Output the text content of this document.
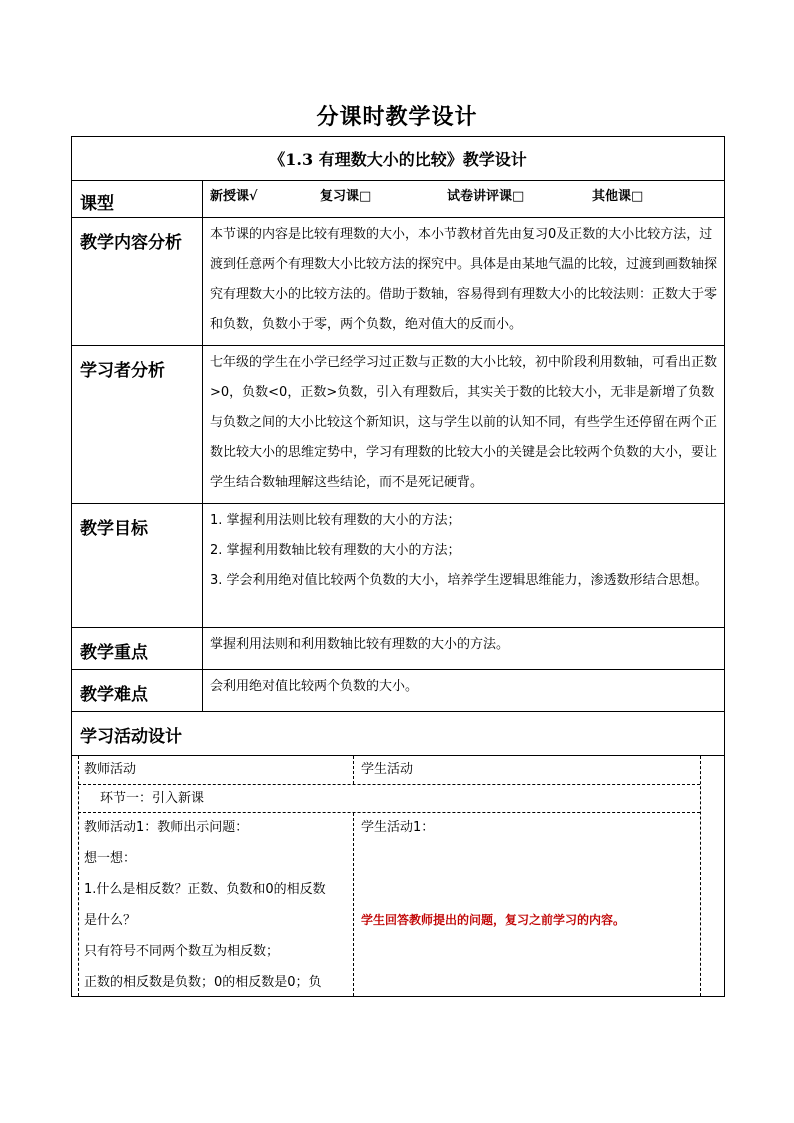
分课时教学设计
《1.3 有理数大小的比较》教学设计
课型	新授课√	复习课□	试卷讲评课□	其他课□
教学内容分析	本节课的内容是比较有理数的大小，本小节教材首先由复习0及正数的大小比较方法，过渡到任意两个有理数大小比较方法的探究中。具体是由某地气温的比较，过渡到画数轴探究有理数大小的比较方法的。借助于数轴，容易得到有理数大小的比较法则：正数大于零和负数，负数小于零，两个负数，绝对值大的反而小。
学习者分析	七年级的学生在小学已经学习过正数与正数的大小比较，初中阶段利用数轴，可看出正数>0，负数<0，正数>负数，引入有理数后，其实关于数的比较大小，无非是新增了负数与负数之间的大小比较这个新知识，这与学生以前的认知不同，有些学生还停留在两个正数比较大小的思维定势中，学习有理数的比较大小的关键是会比较两个负数的大小，要让学生结合数轴理解这些结论，而不是死记硬背。
教学目标	1. 掌握利用法则比较有理数的大小的方法；
2. 掌握利用数轴比较有理数的大小的方法；
3. 学会利用绝对值比较两个负数的大小，培养学生逻辑思维能力，渗透数形结合思想。
教学重点	掌握利用法则和利用数轴比较有理数的大小的方法。
教学难点	会利用绝对值比较两个负数的大小。
学习活动设计
教师活动	学生活动
环节一：引入新课
教师活动1：教师出示问题：
想一想：
1.什么是相反数？正数、负数和0的相反数
是什么？
只有符号不同两个数互为相反数；
正数的相反数是负数；0的相反数是0；负
学生活动1：
学生回答教师提出的问题，复习之前学习的内容。
